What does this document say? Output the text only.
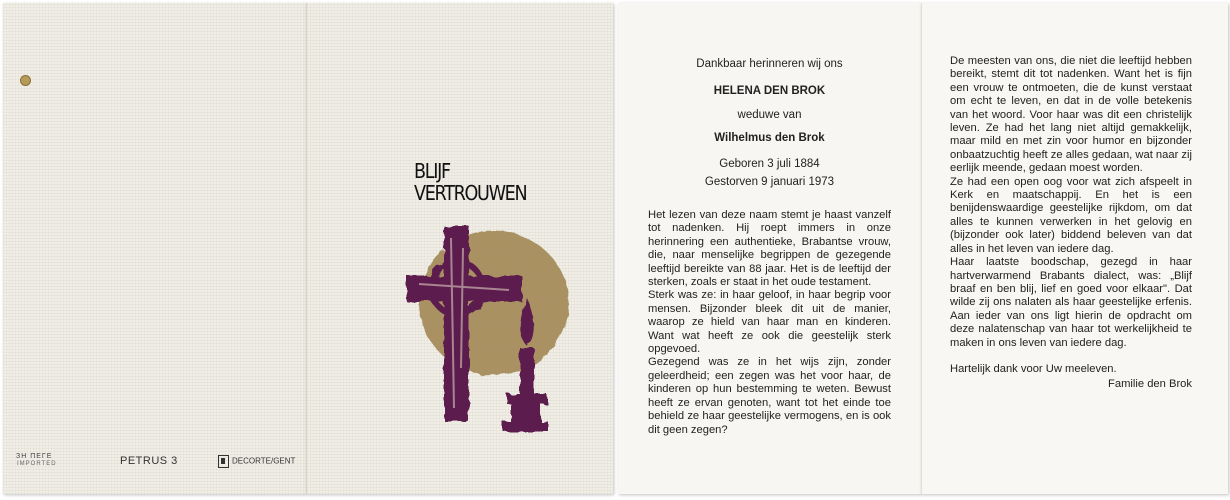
ЗН ПЕГЕ
IMPORTED	PETRUS 3	DECORTE/GENT
BLIJF
VERTROUWEN
Dankbaar herinneren wij ons
HELENA DEN BROK
weduwe van
Wilhelmus den Brok
Geboren 3 juli 1884
Gestorven 9 januari 1973

Het lezen van deze naam stemt je haast vanzelf tot nadenken. Hij roept immers in onze herinnering een authentieke, Brabantse vrouw, die, naar menselijke begrippen de gezegende leeftijd bereikte van 88 jaar. Het is de leeftijd der sterken, zoals er staat in het oude testament.

Sterk was ze: in haar geloof, in haar begrip voor mensen. Bijzonder bleek dit uit de manier, waarop ze hield van haar man en kinderen. Want wat heeft ze ook die geestelijk sterk opgevoed.

Gezegend was ze in het wijs zijn, zonder geleerdheid; een zegen was het voor haar, de kinderen op hun bestemming te weten. Bewust heeft ze ervan genoten, want tot het einde toe behield ze haar geestelijke vermogens, en is ook dit geen zegen?

De meesten van ons, die niet die leeftijd hebben bereikt, stemt dit tot nadenken. Want het is fijn een vrouw te ontmoeten, die de kunst verstaat om echt te leven, en dat in de volle betekenis van het woord. Voor haar was dit een christelijk leven. Ze had het lang niet altijd gemakkelijk, maar mild en met zin voor humor en bijzonder onbaatzuchtig heeft ze alles gedaan, wat naar zij eerlijk meende, gedaan moest worden.

Ze had een open oog voor wat zich afspeelt in Kerk en maatschappij. En het is een benijdenswaardige geestelijke rijkdom, om dat alles te kunnen verwerken in het gelovig en (bijzonder ook later) biddend beleven van dat alles in het leven van iedere dag.

Haar laatste boodschap, gezegd in haar hartverwarmend Brabants dialect, was: „Blijf braaf en ben blij, lief en goed voor elkaar". Dat wilde zij ons nalaten als haar geestelijke erfenis. Aan ieder van ons ligt hierin de opdracht om deze nalatenschap van haar tot werkelijkheid te maken in ons leven van iedere dag.

Hartelijk dank voor Uw meeleven.

Familie den Brok
